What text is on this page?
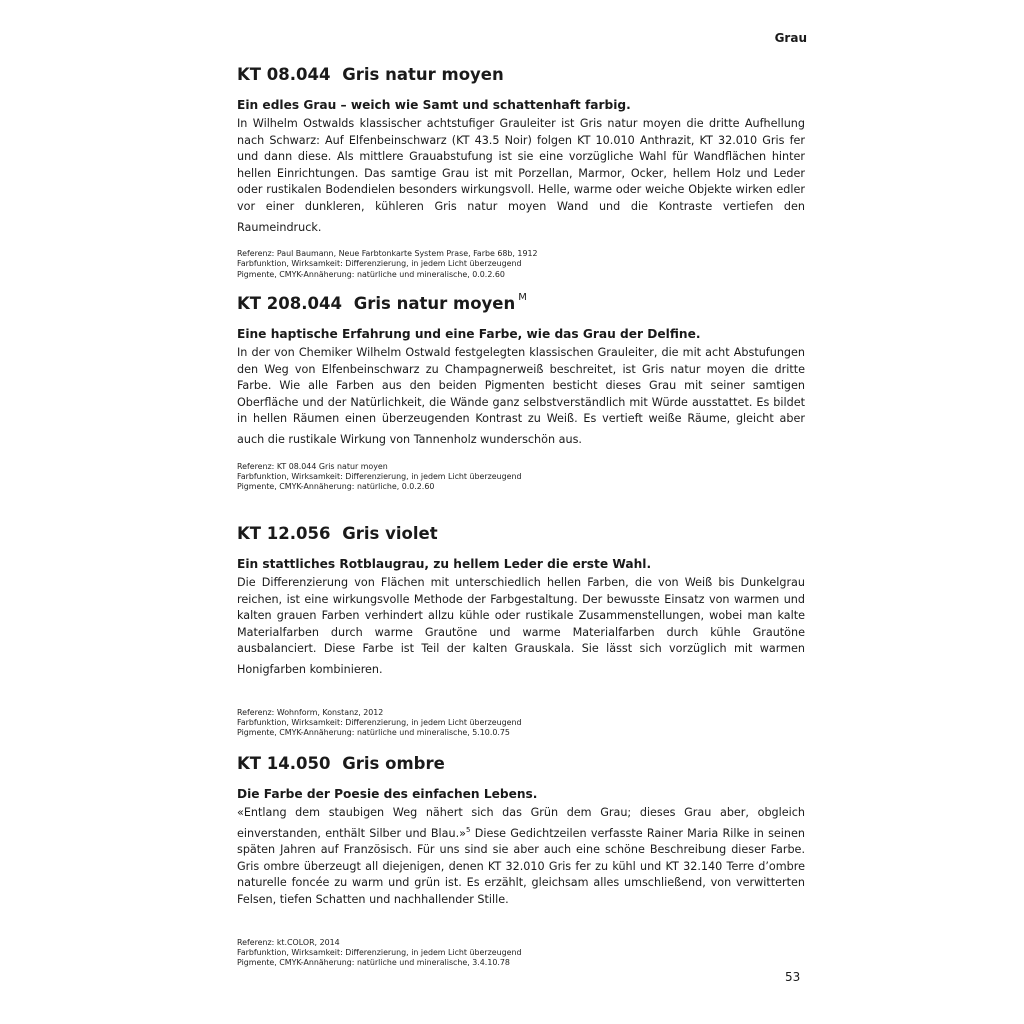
Grau
KT 08.044 Gris natur moyen
Ein edles Grau – weich wie Samt und schattenhaft farbig.

In Wilhelm Ostwalds klassischer achtstufiger Grauleiter ist Gris natur moyen die dritte Aufhellung nach Schwarz: Auf Elfenbeinschwarz (KT 43.5 Noir) folgen KT 10.010 Anthrazit, KT 32.010 Gris fer und dann diese. Als mittlere Grauabstufung ist sie eine vorzügliche Wahl für Wandflächen hinter hellen Einrichtungen. Das samtige Grau ist mit Porzellan, Marmor, Ocker, hellem Holz und Leder oder rustikalen Bodendielen besonders wirkungsvoll. Helle, warme oder weiche Objekte wirken edler vor einer dunkleren, kühleren Gris natur moyen Wand und die Kontraste vertiefen den Raumeindruck.

Referenz: Paul Baumann, Neue Farbtonkarte System Prase, Farbe 68b, 1912
Farbfunktion, Wirksamkeit: Differenzierung, in jedem Licht überzeugend
Pigmente, CMYK-Annäherung: natürliche und mineralische, 0.0.2.60
KT 208.044 Gris natur moyen $^M$
Eine haptische Erfahrung und eine Farbe, wie das Grau der Delfine.

In der von Chemiker Wilhelm Ostwald festgelegten klassischen Grauleiter, die mit acht Abstufungen den Weg von Elfenbeinschwarz zu Champagnerweiß beschreitet, ist Gris natur moyen die dritte Farbe. Wie alle Farben aus den beiden Pigmenten besticht dieses Grau mit seiner samtigen Oberfläche und der Natürlichkeit, die Wände ganz selbstverständlich mit Würde ausstattet. Es bildet in hellen Räumen einen überzeugenden Kontrast zu Weiß. Es vertieft weiße Räume, gleicht aber auch die rustikale Wirkung von Tannenholz wunderschön aus.

Referenz: KT 08.044 Gris natur moyen
Farbfunktion, Wirksamkeit: Differenzierung, in jedem Licht überzeugend
Pigmente, CMYK-Annäherung: natürliche, 0.0.2.60
KT 12.056 Gris violet
Ein stattliches Rotblaugrau, zu hellem Leder die erste Wahl.

Die Differenzierung von Flächen mit unterschiedlich hellen Farben, die von Weiß bis Dunkelgrau reichen, ist eine wirkungsvolle Methode der Farbgestaltung. Der bewusste Einsatz von warmen und kalten grauen Farben verhindert allzu kühle oder rustikale Zusammenstellungen, wobei man kalte Materialfarben durch warme Grautöne und warme Materialfarben durch kühle Grautöne ausbalanciert. Diese Farbe ist Teil der kalten Grauskala. Sie lässt sich vorzüglich mit warmen Honigfarben kombinieren.

Referenz: Wohnform, Konstanz, 2012
Farbfunktion, Wirksamkeit: Differenzierung, in jedem Licht überzeugend
Pigmente, CMYK-Annäherung: natürliche und mineralische, 5.10.0.75
KT 14.050 Gris ombre
Die Farbe der Poesie des einfachen Lebens.

«Entlang dem staubigen Weg nähert sich das Grün dem Grau; dieses Grau aber, obgleich einverstanden, enthält Silber und Blau.»$^5$ Diese Gedichtzeilen verfasste Rainer Maria Rilke in seinen späten Jahren auf Französisch. Für uns sind sie aber auch eine schöne Beschreibung dieser Farbe. Gris ombre überzeugt all diejenigen, denen KT 32.010 Gris fer zu kühl und KT 32.140 Terre d’ombre naturelle foncée zu warm und grün ist. Es erzählt, gleichsam alles umschließend, von verwitterten Felsen, tiefen Schatten und nachhallender Stille.

Referenz: kt.COLOR, 2014
Farbfunktion, Wirksamkeit: Differenzierung, in jedem Licht überzeugend
Pigmente, CMYK-Annäherung: natürliche und mineralische, 3.4.10.78
53
